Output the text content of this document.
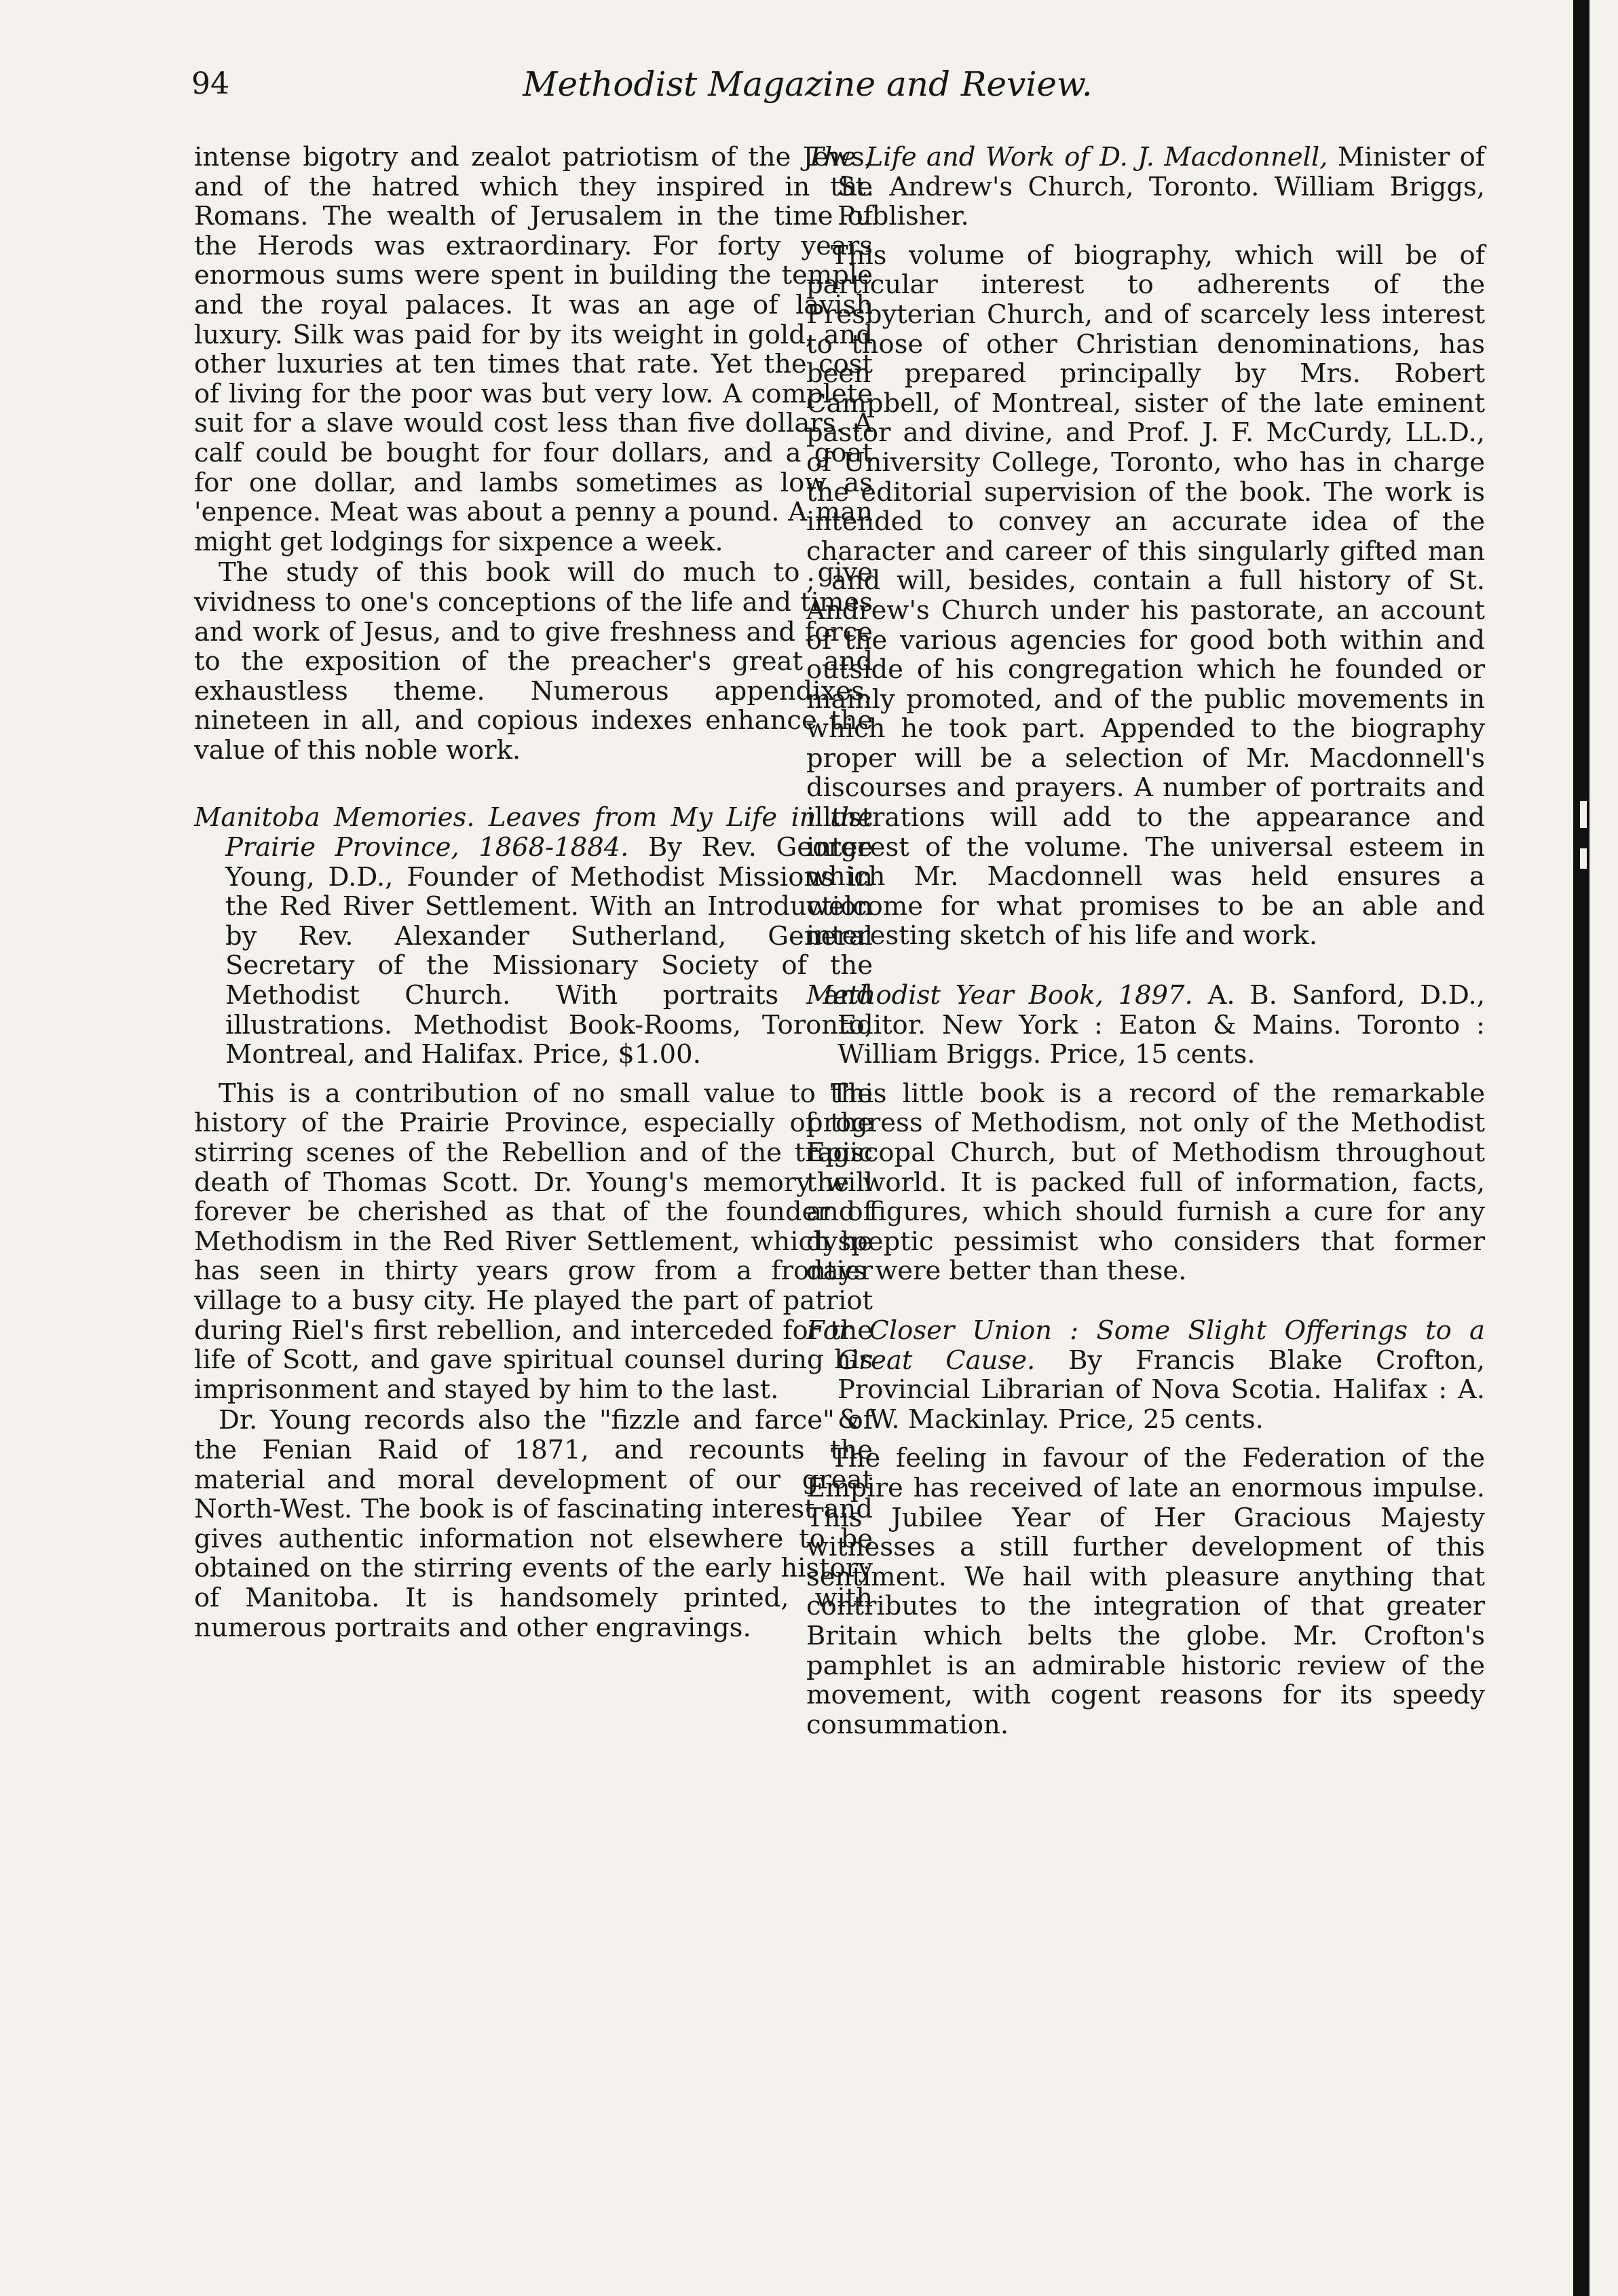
94	Methodist Magazine and Review.

intense bigotry and zealot patriotism of the Jews, and of the hatred which they inspired in the Romans. The wealth of Jerusalem in the time of the Herods was extraordinary. For forty years enormous sums were spent in building the temple and the royal palaces. It was an age of lavish luxury. Silk was paid for by its weight in gold, and other luxuries at ten times that rate. Yet the cost of living for the poor was but very low. A complete suit for a slave would cost less than five dollars. A calf could be bought for four dollars, and a goat for one dollar, and lambs sometimes as low as 'enpence. Meat was about a penny a pound. A man might get lodgings for sixpence a week.

The study of this book will do much to give vividness to one's conceptions of the life and times and work of Jesus, and to give freshness and force to the exposition of the preacher's great and exhaustless theme. Numerous appendixes, nineteen in all, and copious indexes enhance the value of this noble work.

Manitoba Memories. Leaves from My Life in the Prairie Province, 1868-1884. By Rev. George Young, D.D., Founder of Methodist Missions in the Red River Settlement. With an Introduction by Rev. Alexander Sutherland, General Secretary of the Missionary Society of the Methodist Church. With portraits and illustrations. Methodist Book-Rooms, Toronto, Montreal, and Halifax. Price, $1.00.

This is a contribution of no small value to the history of the Prairie Province, especially of the stirring scenes of the Rebellion and of the tragic death of Thomas Scott. Dr. Young's memory will forever be cherished as that of the founder of Methodism in the Red River Settlement, which he has seen in thirty years grow from a frontier village to a busy city. He played the part of patriot during Riel's first rebellion, and interceded for the life of Scott, and gave spiritual counsel during his imprisonment and stayed by him to the last.

Dr. Young records also the "fizzle and farce" of the Fenian Raid of 1871, and recounts the material and moral development of our great North-West. The book is of fascinating interest and gives authentic information not elsewhere to be obtained on the stirring events of the early history of Manitoba. It is handsomely printed, with numerous portraits and other engravings.

The Life and Work of D. J. Macdonnell, Minister of St. Andrew's Church, Toronto. William Briggs, Publisher.

This volume of biography, which will be of particular interest to adherents of the Presbyterian Church, and of scarcely less interest to those of other Christian denominations, has been prepared principally by Mrs. Robert Campbell, of Montreal, sister of the late eminent pastor and divine, and Prof. J. F. McCurdy, LL.D., of University College, Toronto, who has in charge the editorial supervision of the book. The work is intended to convey an accurate idea of the character and career of this singularly gifted man ; and will, besides, contain a full history of St. Andrew's Church under his pastorate, an account of the various agencies for good both within and outside of his congregation which he founded or mainly promoted, and of the public movements in which he took part. Appended to the biography proper will be a selection of Mr. Macdonnell's discourses and prayers. A number of portraits and illustrations will add to the appearance and interest of the volume. The universal esteem in which Mr. Macdonnell was held ensures a welcome for what promises to be an able and interesting sketch of his life and work.

Methodist Year Book, 1897. A. B. Sanford, D.D., Editor. New York : Eaton & Mains. Toronto : William Briggs. Price, 15 cents.

This little book is a record of the remarkable progress of Methodism, not only of the Methodist Episcopal Church, but of Methodism throughout the world. It is packed full of information, facts, and figures, which should furnish a cure for any dyspeptic pessimist who considers that former days were better than these.

For Closer Union : Some Slight Offerings to a Great Cause. By Francis Blake Crofton, Provincial Librarian of Nova Scotia. Halifax : A. & W. Mackinlay. Price, 25 cents.

The feeling in favour of the Federation of the Empire has received of late an enormous impulse. This Jubilee Year of Her Gracious Majesty witnesses a still further development of this sentiment. We hail with pleasure anything that contributes to the integration of that greater Britain which belts the globe. Mr. Crofton's pamphlet is an admirable historic review of the movement, with cogent reasons for its speedy consummation.
